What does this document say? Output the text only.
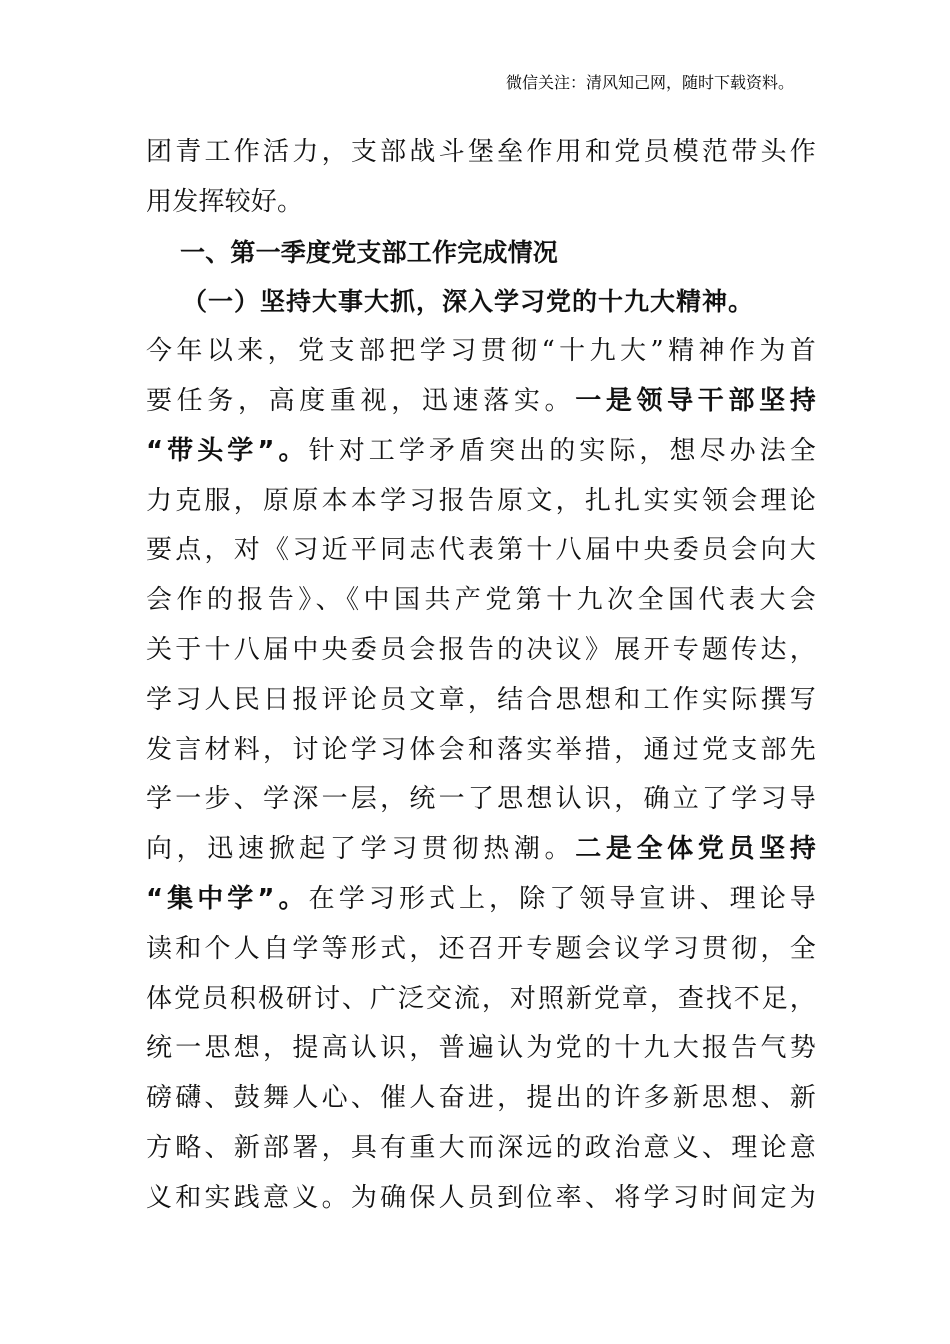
微信关注：清风知己网，随时下载资料。
团青工作活力，支部战斗堡垒作用和党员模范带头作
用发挥较好。
一、第一季度党支部工作完成情况
（一）坚持大事大抓，深入学习党的十九大精神。
今年以来，党支部把学习贯彻“十九大”精神作为首
要任务，高度重视，迅速落实。一是领导干部坚持
“带头学”。针对工学矛盾突出的实际，想尽办法全
力克服，原原本本学习报告原文，扎扎实实领会理论
要点，对《习近平同志代表第十八届中央委员会向大
会作的报告》、《中国共产党第十九次全国代表大会
关于十八届中央委员会报告的决议》展开专题传达，
学习人民日报评论员文章，结合思想和工作实际撰写
发言材料，讨论学习体会和落实举措，通过党支部先
学一步、学深一层，统一了思想认识，确立了学习导
向，迅速掀起了学习贯彻热潮。二是全体党员坚持
“集中学”。在学习形式上，除了领导宣讲、理论导
读和个人自学等形式，还召开专题会议学习贯彻，全
体党员积极研讨、广泛交流，对照新党章，查找不足，
统一思想，提高认识，普遍认为党的十九大报告气势
磅礴、鼓舞人心、催人奋进，提出的许多新思想、新
方略、新部署，具有重大而深远的政治意义、理论意
义和实践意义。为确保人员到位率、将学习时间定为
